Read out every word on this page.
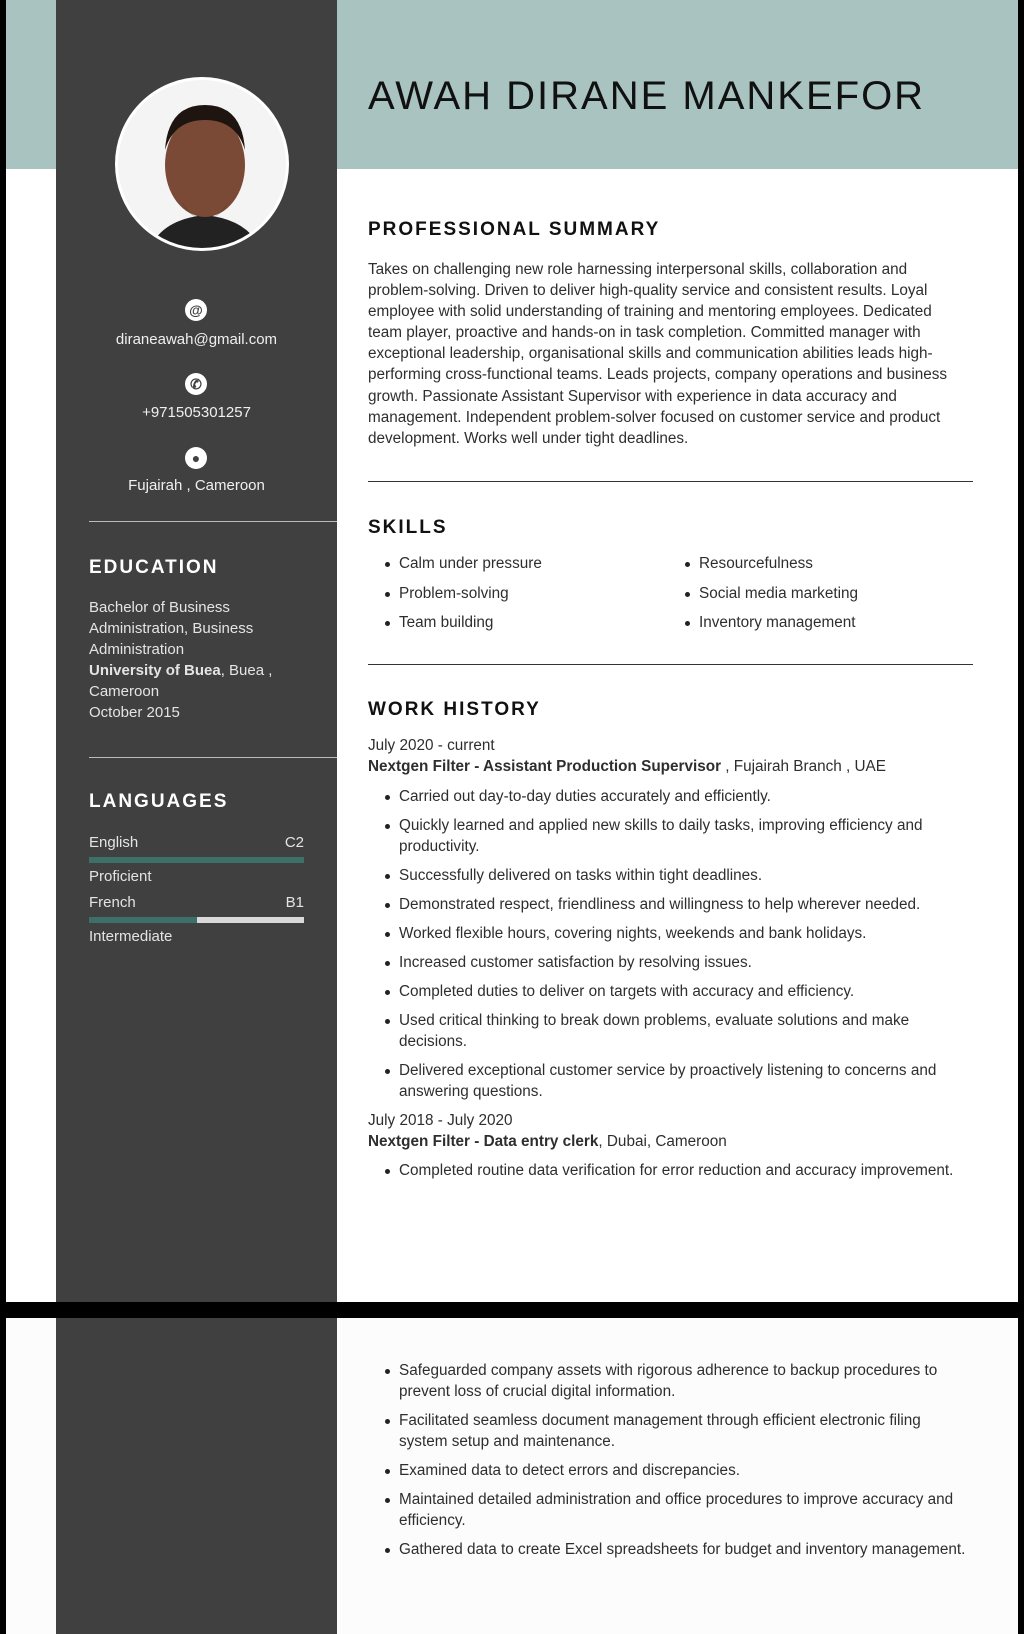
@
diraneawah@gmail.com
✆
+971505301257
●
Fujairah , Cameroon
EDUCATION
Bachelor of Business Administration, Business Administration
University of Buea, Buea , Cameroon
October 2015
LANGUAGES
English	C2
Proficient
French	B1
Intermediate
AWAH DIRANE MANKEFOR
PROFESSIONAL SUMMARY
Takes on challenging new role harnessing interpersonal skills, collaboration and problem-solving. Driven to deliver high-quality service and consistent results. Loyal employee with solid understanding of training and mentoring employees. Dedicated team player, proactive and hands-on in task completion. Committed manager with exceptional leadership, organisational skills and communication abilities leads high-performing cross-functional teams. Leads projects, company operations and business growth. Passionate Assistant Supervisor with experience in data accuracy and management. Independent problem-solver focused on customer service and product development. Works well under tight deadlines.
SKILLS
Calm under pressure	Resourcefulness
Problem-solving	Social media marketing
Team building	Inventory management
WORK HISTORY
July 2020 - current
Nextgen Filter - Assistant Production Supervisor , Fujairah Branch , UAE
Carried out day-to-day duties accurately and efficiently.
Quickly learned and applied new skills to daily tasks, improving efficiency and productivity.
Successfully delivered on tasks within tight deadlines.
Demonstrated respect, friendliness and willingness to help wherever needed.
Worked flexible hours, covering nights, weekends and bank holidays.
Increased customer satisfaction by resolving issues.
Completed duties to deliver on targets with accuracy and efficiency.
Used critical thinking to break down problems, evaluate solutions and make decisions.
Delivered exceptional customer service by proactively listening to concerns and answering questions.
July 2018 - July 2020
Nextgen Filter - Data entry clerk, Dubai, Cameroon
Completed routine data verification for error reduction and accuracy improvement.
Safeguarded company assets with rigorous adherence to backup procedures to prevent loss of crucial digital information.
Facilitated seamless document management through efficient electronic filing system setup and maintenance.
Examined data to detect errors and discrepancies.
Maintained detailed administration and office procedures to improve accuracy and efficiency.
Gathered data to create Excel spreadsheets for budget and inventory management.
